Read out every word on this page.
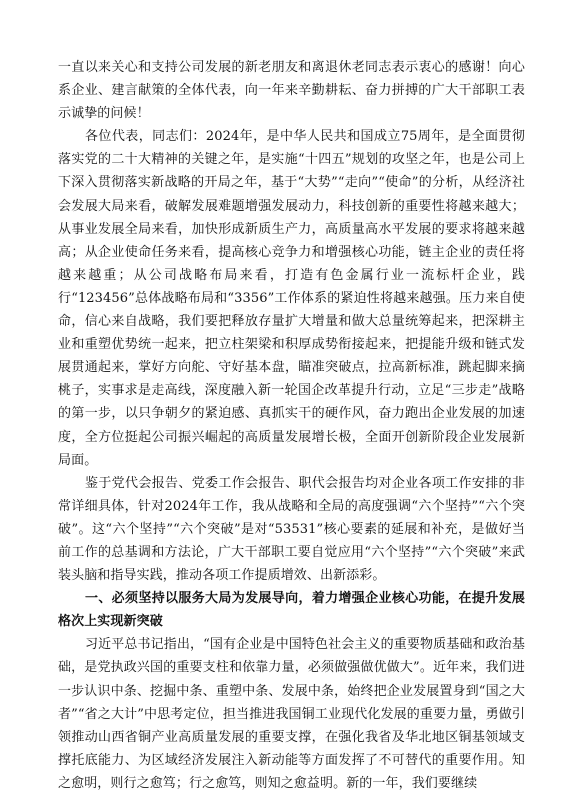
一直以来关心和支持公司发展的新老朋友和离退休老同志表示衷心的感谢！向心系企业、建言献策的全体代表，向一年来辛勤耕耘、奋力拼搏的广大干部职工表示诚挚的问候！

各位代表，同志们：2024年，是中华人民共和国成立75周年，是全面贯彻落实党的二十大精神的关键之年，是实施“十四五”规划的攻坚之年，也是公司上下深入贯彻落实新战略的开局之年，基于“大势”“走向”“使命”的分析，从经济社会发展大局来看，破解发展难题增强发展动力，科技创新的重要性将越来越大；从事业发展全局来看，加快形成新质生产力，高质量高水平发展的要求将越来越高；从企业使命任务来看，提高核心竞争力和增强核心功能，链主企业的责任将越来越重；从公司战略布局来看，打造有色金属行业一流标杆企业，践行“123456”总体战略布局和“3356”工作体系的紧迫性将越来越强。压力来自使命，信心来自战略，我们要把释放存量扩大增量和做大总量统筹起来，把深耕主业和重塑优势统一起来，把立柱架梁和积厚成势衔接起来，把提能升级和链式发展贯通起来，掌好方向舵、守好基本盘，瞄准突破点，拉高新标准，跳起脚来摘桃子，实事求是走高线，深度融入新一轮国企改革提升行动，立足“三步走”战略的第一步，以只争朝夕的紧迫感、真抓实干的硬作风，奋力跑出企业发展的加速度，全方位挺起公司振兴崛起的高质量发展增长极，全面开创新阶段企业发展新局面。

鉴于党代会报告、党委工作会报告、职代会报告均对企业各项工作安排的非常详细具体，针对2024年工作，我从战略和全局的高度强调“六个坚持”“六个突破”。这“六个坚持”“六个突破”是对“53531”核心要素的延展和补充，是做好当前工作的总基调和方法论，广大干部职工要自觉应用“六个坚持”“六个突破”来武装头脑和指导实践，推动各项工作提质增效、出新添彩。

一、必须坚持以服务大局为发展导向，着力增强企业核心功能，在提升发展格次上实现新突破

习近平总书记指出，“国有企业是中国特色社会主义的重要物质基础和政治基础，是党执政兴国的重要支柱和依靠力量，必须做强做优做大”。近年来，我们进一步认识中条、挖掘中条、重塑中条、发展中条，始终把企业发展置身到“国之大者”“省之大计”中思考定位，担当推进我国铜工业现代化发展的重要力量，勇做引领推动山西省铜产业高质量发展的重要支撑，在强化我省及华北地区铜基领域支撑托底能力、为区域经济发展注入新动能等方面发挥了不可替代的重要作用。知之愈明，则行之愈笃；行之愈笃，则知之愈益明。新的一年，我们要继续
